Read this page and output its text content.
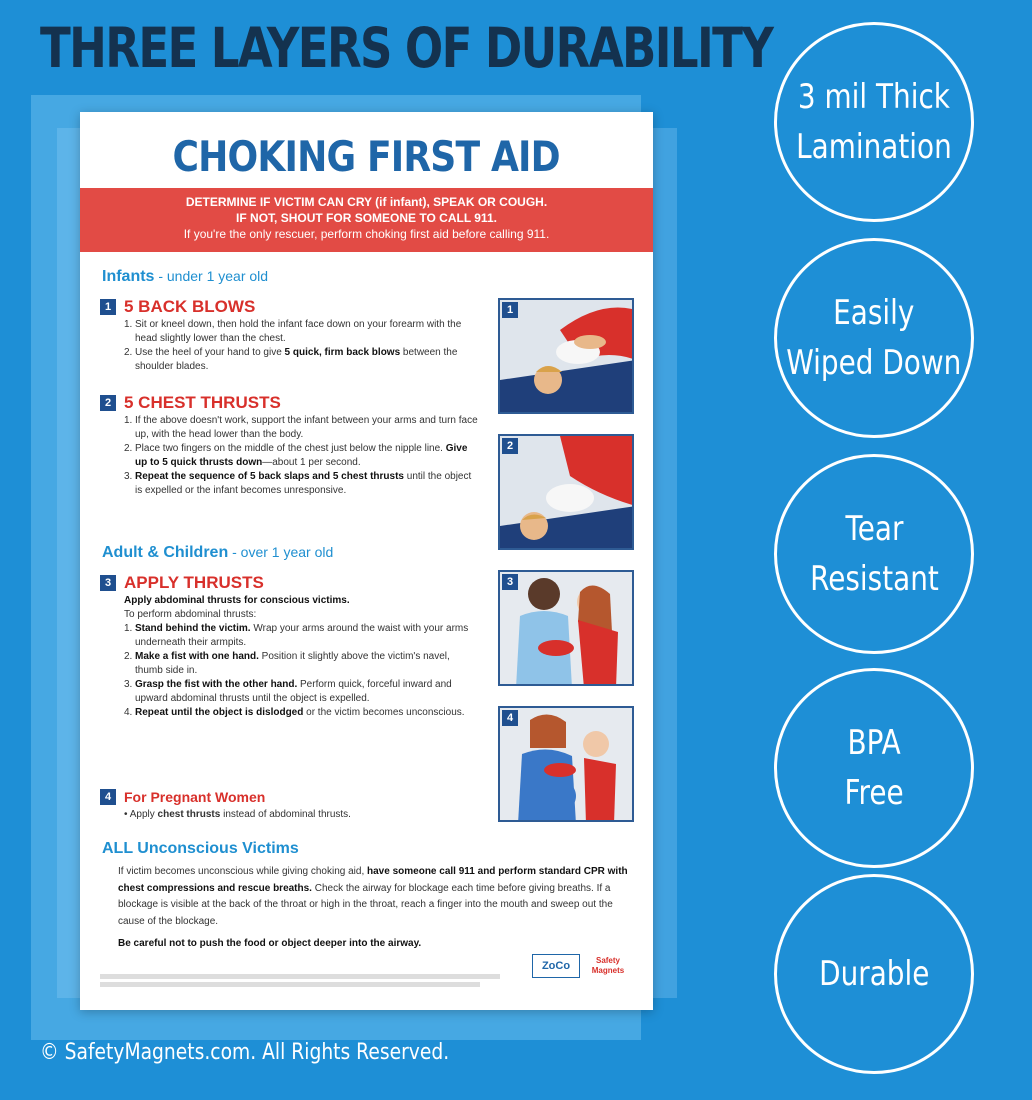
THREE LAYERS OF DURABILITY
CHOKING FIRST AID
DETERMINE IF VICTIM CAN CRY (if infant), SPEAK OR COUGH.
IF NOT, SHOUT FOR SOMEONE TO CALL 911.
If you're the only rescuer, perform choking first aid before calling 911.
Infants - under 1 year old
1 5 BACK BLOWS
1. Sit or kneel down, then hold the infant face down on your forearm with the head slightly lower than the chest.
2. Use the heel of your hand to give 5 quick, firm back blows between the shoulder blades.
2 5 CHEST THRUSTS
1. If the above doesn't work, support the infant between your arms and turn face up, with the head lower than the body.
2. Place two fingers on the middle of the chest just below the nipple line. Give up to 5 quick thrusts down—about 1 per second.
3. Repeat the sequence of 5 back slaps and 5 chest thrusts until the object is expelled or the infant becomes unresponsive.
Adult & Children - over 1 year old
3 APPLY THRUSTS
Apply abdominal thrusts for conscious victims.
To perform abdominal thrusts:
1. Stand behind the victim. Wrap your arms around the waist with your arms underneath their armpits.
2. Make a fist with one hand. Position it slightly above the victim's navel, thumb side in.
3. Grasp the fist with the other hand. Perform quick, forceful inward and upward abdominal thrusts until the object is expelled.
4. Repeat until the object is dislodged or the victim becomes unconscious.
4 For Pregnant Women
• Apply chest thrusts instead of abdominal thrusts.
ALL Unconscious Victims
If victim becomes unconscious while giving choking aid, have someone call 911 and perform standard CPR with chest compressions and rescue breaths. Check the airway for blockage each time before giving breaths. If a blockage is visible at the back of the throat or high in the throat, reach a finger into the mouth and sweep out the cause of the blockage.
Be careful not to push the food or object deeper into the airway.
ZoCo	Safety Magnets
1
2
3
4
© SafetyMagnets.com. All Rights Reserved.
3 mil Thick
Lamination
Easily
Wiped Down
Tear
Resistant
BPA
Free
Durable
